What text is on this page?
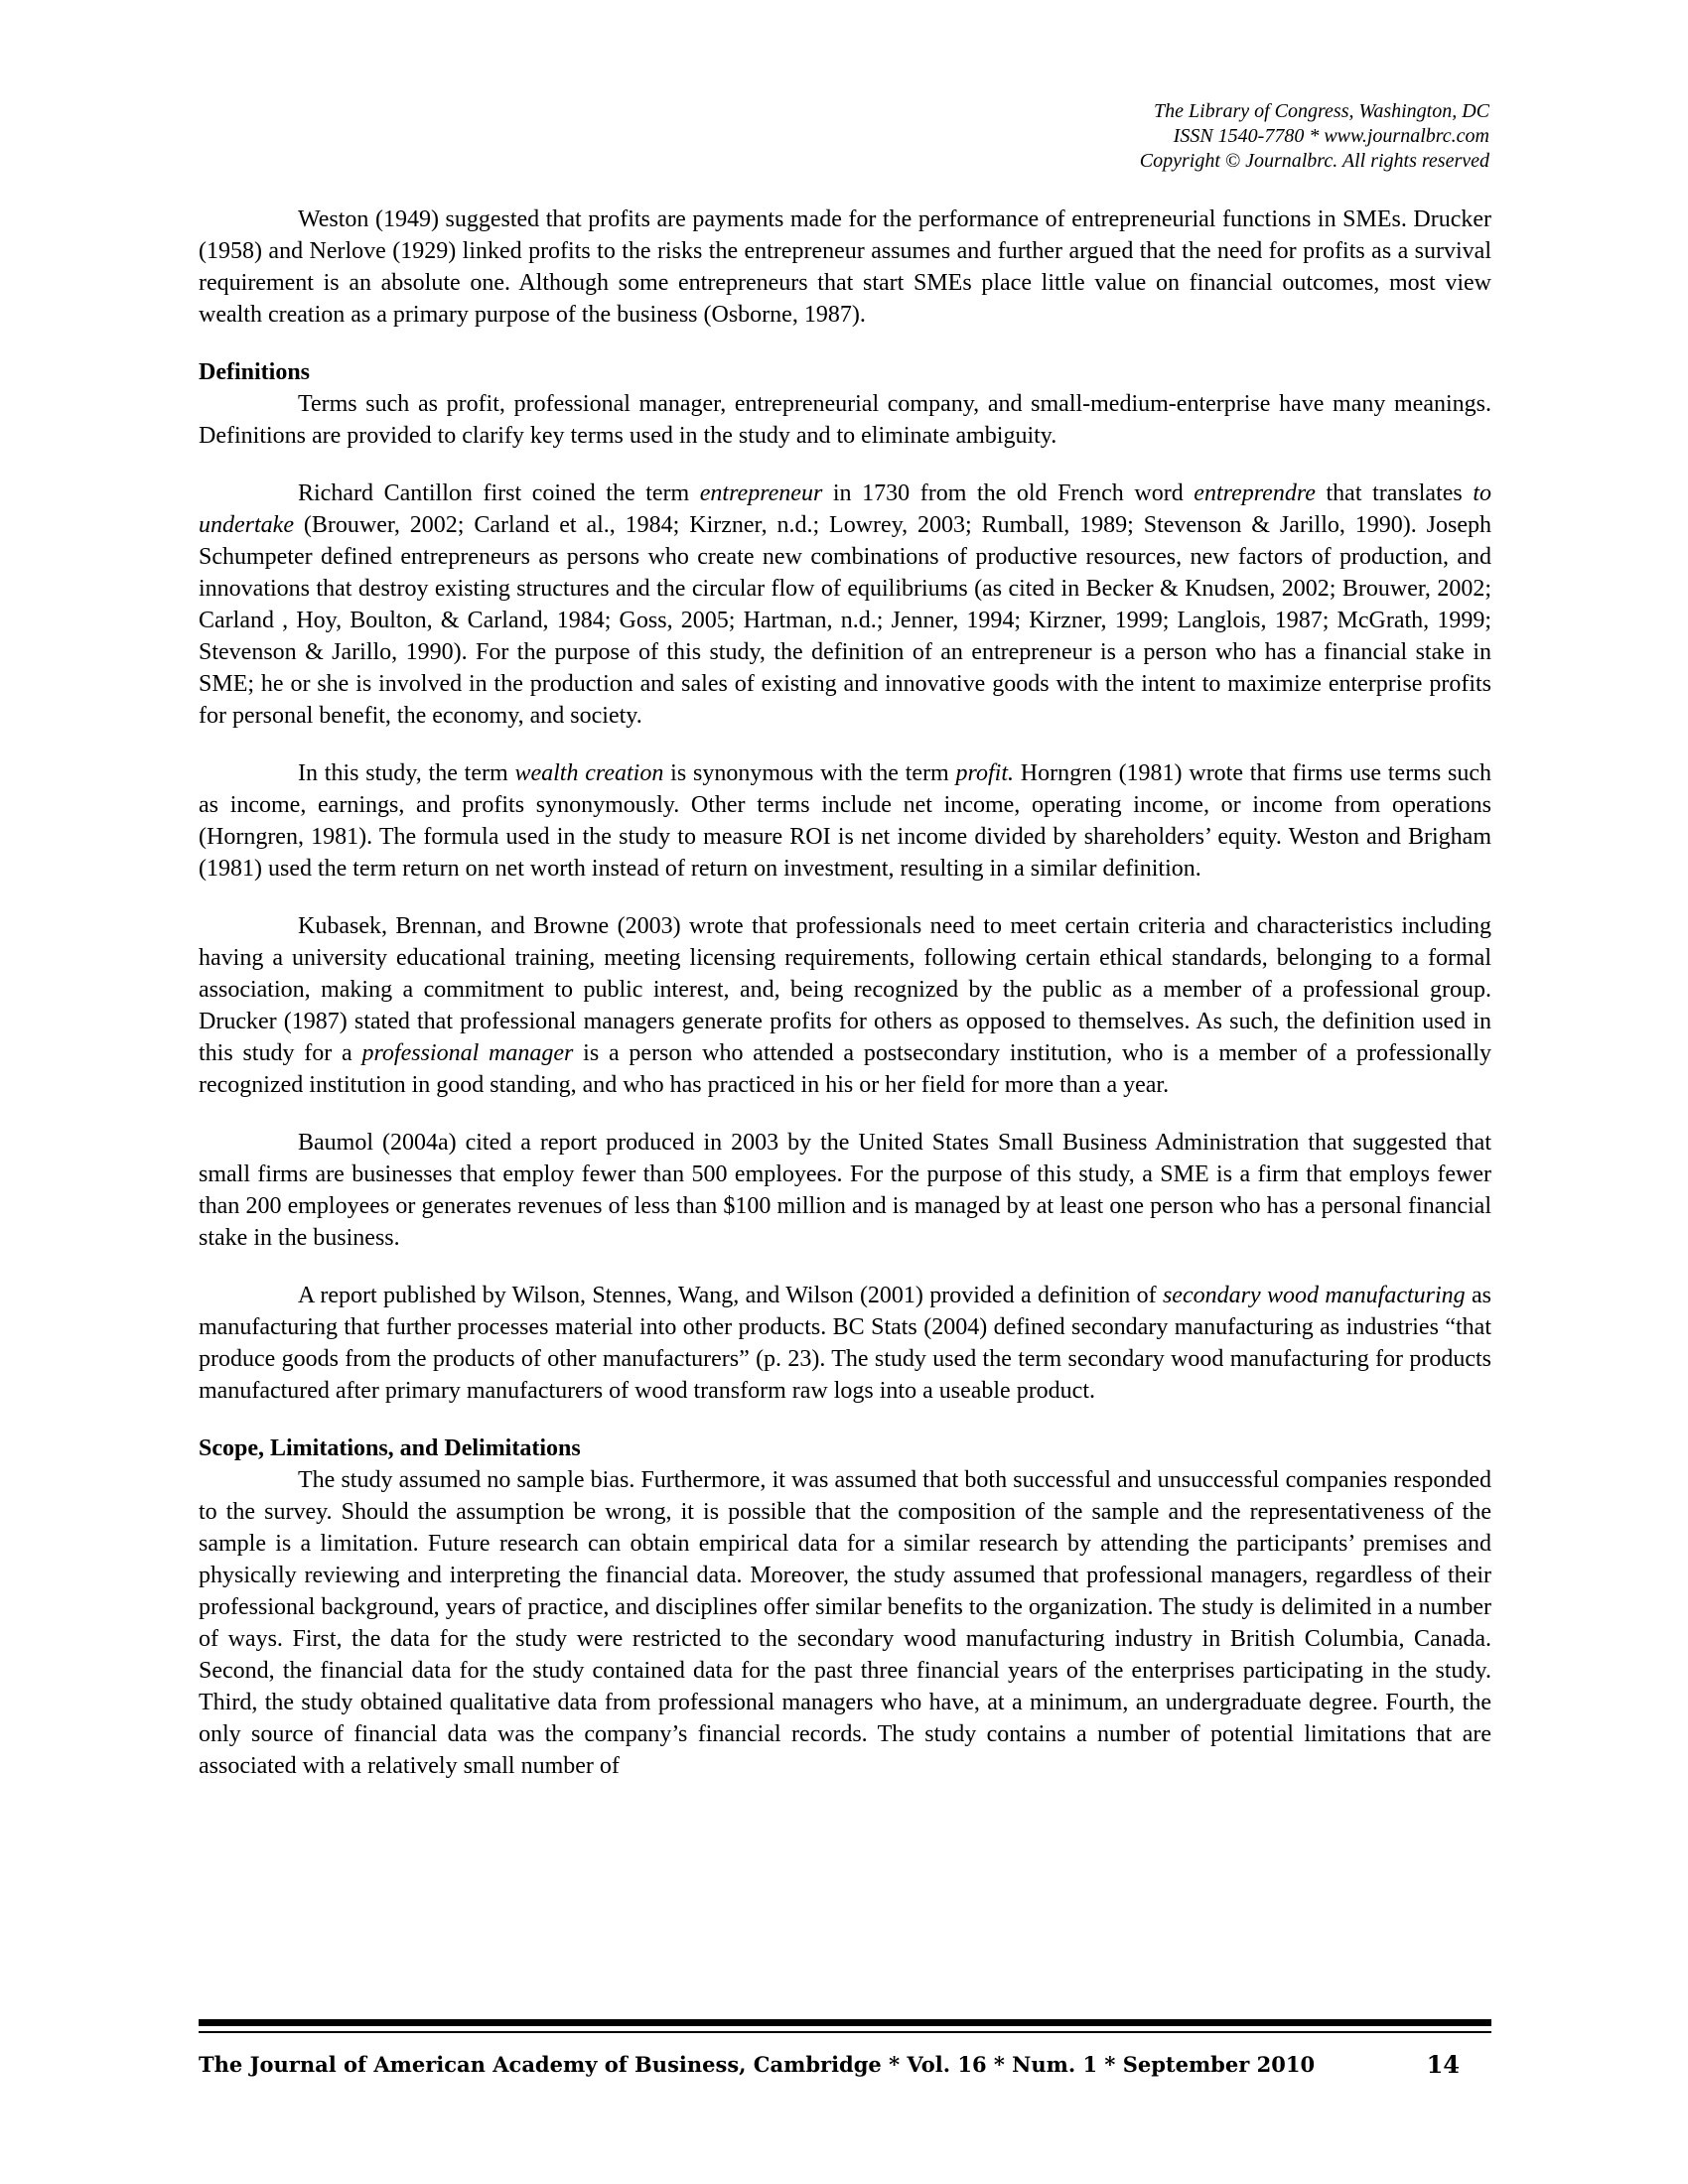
The Library of Congress, Washington, DC
ISSN 1540-7780 * www.journalbrc.com
Copyright © Journalbrc. All rights reserved

Weston (1949) suggested that profits are payments made for the performance of entrepreneurial functions in SMEs. Drucker (1958) and Nerlove (1929) linked profits to the risks the entrepreneur assumes and further argued that the need for profits as a survival requirement is an absolute one. Although some entrepreneurs that start SMEs place little value on financial outcomes, most view wealth creation as a primary purpose of the business (Osborne, 1987).

Definitions

Terms such as profit, professional manager, entrepreneurial company, and small-medium-enterprise have many meanings. Definitions are provided to clarify key terms used in the study and to eliminate ambiguity.

Richard Cantillon first coined the term entrepreneur in 1730 from the old French word entreprendre that translates to undertake (Brouwer, 2002; Carland et al., 1984; Kirzner, n.d.; Lowrey, 2003; Rumball, 1989; Stevenson & Jarillo, 1990). Joseph Schumpeter defined entrepreneurs as persons who create new combinations of productive resources, new factors of production, and innovations that destroy existing structures and the circular flow of equilibriums (as cited in Becker & Knudsen, 2002; Brouwer, 2002; Carland , Hoy, Boulton, & Carland, 1984; Goss, 2005; Hartman, n.d.; Jenner, 1994; Kirzner, 1999; Langlois, 1987; McGrath, 1999; Stevenson & Jarillo, 1990). For the purpose of this study, the definition of an entrepreneur is a person who has a financial stake in SME; he or she is involved in the production and sales of existing and innovative goods with the intent to maximize enterprise profits for personal benefit, the economy, and society.

In this study, the term wealth creation is synonymous with the term profit. Horngren (1981) wrote that firms use terms such as income, earnings, and profits synonymously. Other terms include net income, operating income, or income from operations (Horngren, 1981). The formula used in the study to measure ROI is net income divided by shareholders’ equity. Weston and Brigham (1981) used the term return on net worth instead of return on investment, resulting in a similar definition.

Kubasek, Brennan, and Browne (2003) wrote that professionals need to meet certain criteria and characteristics including having a university educational training, meeting licensing requirements, following certain ethical standards, belonging to a formal association, making a commitment to public interest, and, being recognized by the public as a member of a professional group. Drucker (1987) stated that professional managers generate profits for others as opposed to themselves. As such, the definition used in this study for a professional manager is a person who attended a postsecondary institution, who is a member of a professionally recognized institution in good standing, and who has practiced in his or her field for more than a year.

Baumol (2004a) cited a report produced in 2003 by the United States Small Business Administration that suggested that small firms are businesses that employ fewer than 500 employees. For the purpose of this study, a SME is a firm that employs fewer than 200 employees or generates revenues of less than $100 million and is managed by at least one person who has a personal financial stake in the business.

A report published by Wilson, Stennes, Wang, and Wilson (2001) provided a definition of secondary wood manufacturing as manufacturing that further processes material into other products. BC Stats (2004) defined secondary manufacturing as industries “that produce goods from the products of other manufacturers” (p. 23). The study used the term secondary wood manufacturing for products manufactured after primary manufacturers of wood transform raw logs into a useable product.

Scope, Limitations, and Delimitations

The study assumed no sample bias. Furthermore, it was assumed that both successful and unsuccessful companies responded to the survey. Should the assumption be wrong, it is possible that the composition of the sample and the representativeness of the sample is a limitation. Future research can obtain empirical data for a similar research by attending the participants’ premises and physically reviewing and interpreting the financial data. Moreover, the study assumed that professional managers, regardless of their professional background, years of practice, and disciplines offer similar benefits to the organization. The study is delimited in a number of ways. First, the data for the study were restricted to the secondary wood manufacturing industry in British Columbia, Canada. Second, the financial data for the study contained data for the past three financial years of the enterprises participating in the study. Third, the study obtained qualitative data from professional managers who have, at a minimum, an undergraduate degree. Fourth, the only source of financial data was the company’s financial records. The study contains a number of potential limitations that are associated with a relatively small number of

The Journal of American Academy of Business, Cambridge * Vol. 16 * Num. 1 * September 2010	14
